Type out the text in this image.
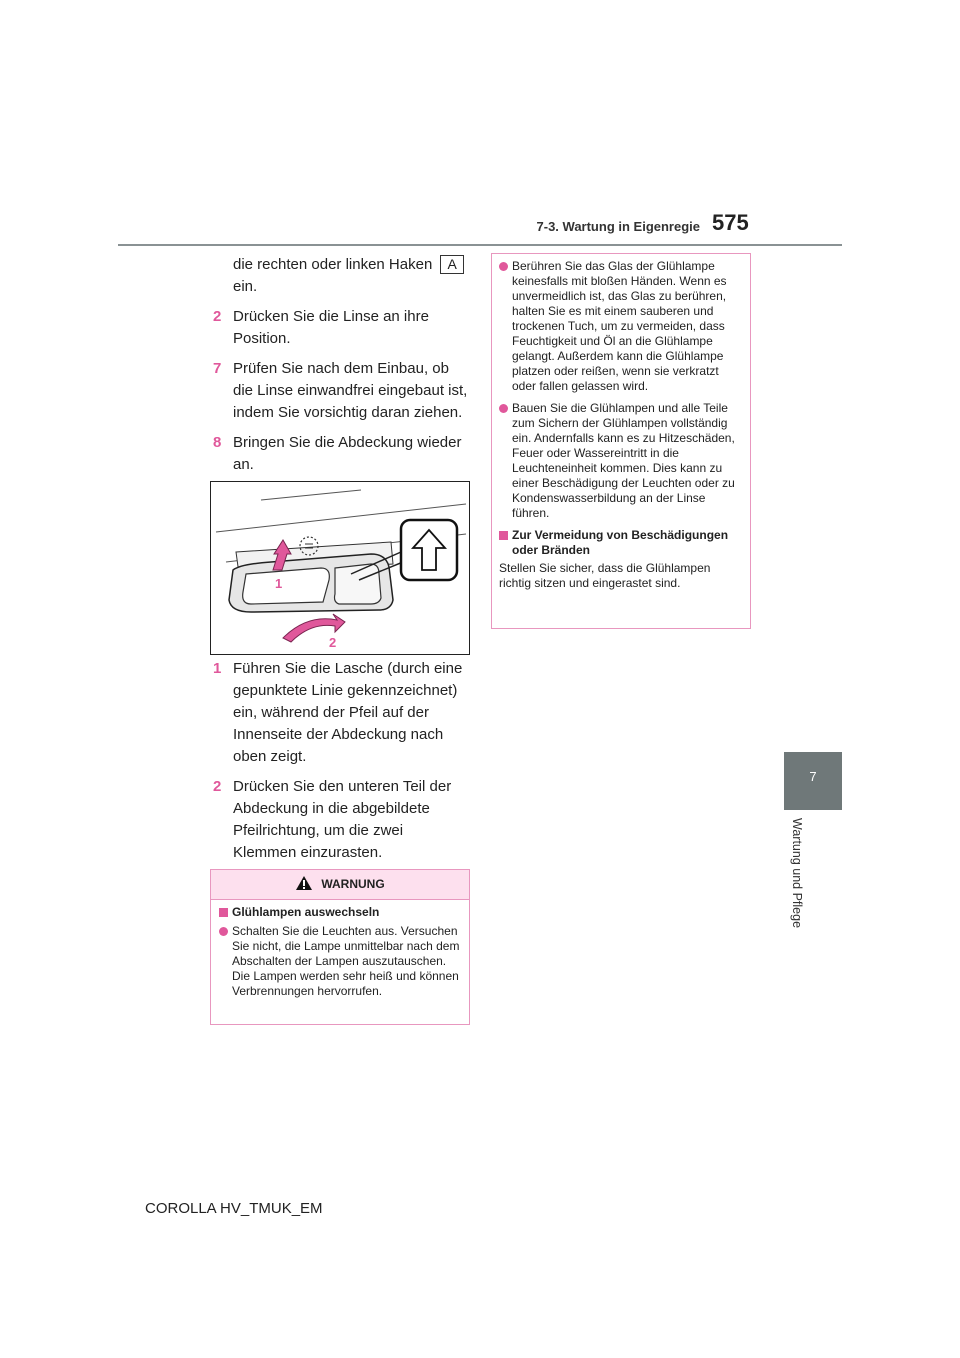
7-3. Wartung in Eigenregie 575
7
Wartung und Pflege
die rechten oder linken Haken A
ein.
2 Drücken Sie die Linse an ihre Position.
7 Prüfen Sie nach dem Einbau, ob die Linse einwandfrei eingebaut ist, indem Sie vorsichtig daran ziehen.
8 Bringen Sie die Abdeckung wieder an.
1
2
1 Führen Sie die Lasche (durch eine gepunktete Linie gekennzeichnet) ein, während der Pfeil auf der Innenseite der Abdeckung nach oben zeigt.
2 Drücken Sie den unteren Teil der Abdeckung in die abgebildete Pfeilrichtung, um die zwei Klemmen einzurasten.
WARNUNG
Glühlampen auswechseln
Schalten Sie die Leuchten aus. Versuchen Sie nicht, die Lampe unmittelbar nach dem Abschalten der Lampen auszutauschen. Die Lampen werden sehr heiß und können Verbrennungen hervorrufen.
Berühren Sie das Glas der Glühlampe keinesfalls mit bloßen Händen. Wenn es unvermeidlich ist, das Glas zu berühren, halten Sie es mit einem sauberen und trockenen Tuch, um zu vermeiden, dass Feuchtigkeit und Öl an die Glühlampe gelangt. Außerdem kann die Glühlampe platzen oder reißen, wenn sie verkratzt oder fallen gelassen wird.
Bauen Sie die Glühlampen und alle Teile zum Sichern der Glühlampen vollständig ein. Andernfalls kann es zu Hitzeschäden, Feuer oder Wassereintritt in die Leuchteneinheit kommen. Dies kann zu einer Beschädigung der Leuchten oder zu Kondenswasserbildung an der Linse führen.
Zur Vermeidung von Beschädigungen oder Bränden
Stellen Sie sicher, dass die Glühlampen richtig sitzen und eingerastet sind.
COROLLA HV_TMUK_EM
